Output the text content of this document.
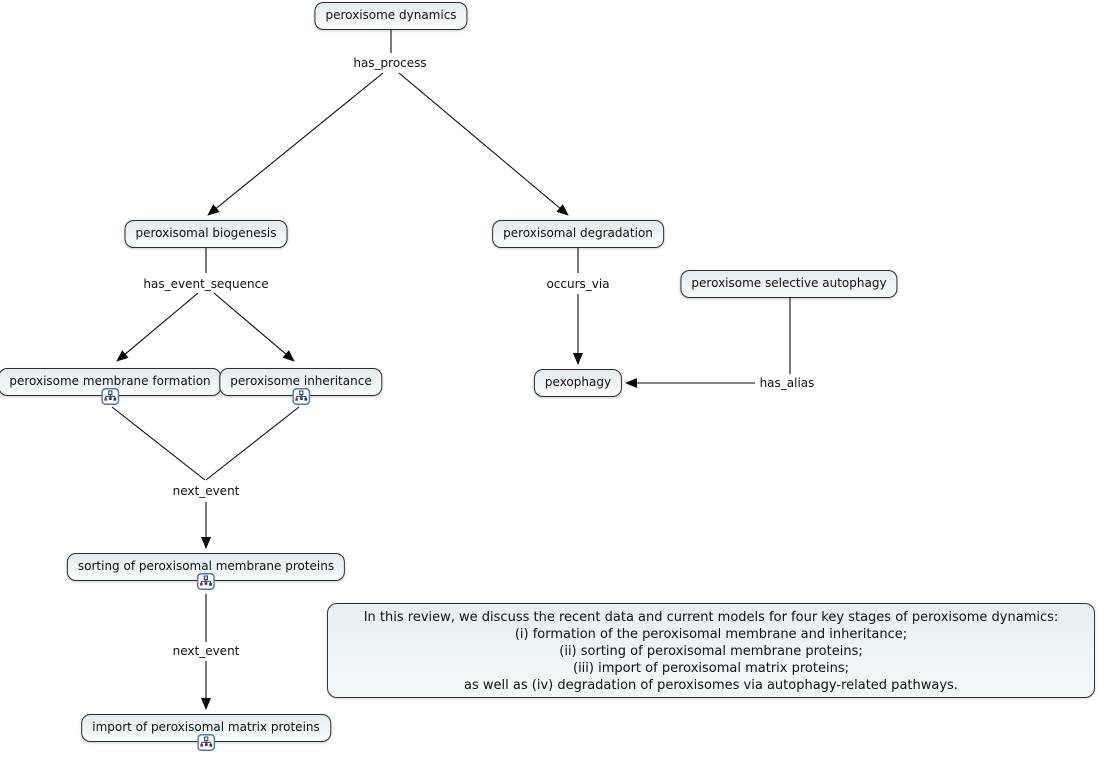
peroxisome dynamics
peroxisomal biogenesis	peroxisomal degradation
peroxisome selective autophagy
peroxisome membrane formation	peroxisome inheritance	pexophagy
sorting of peroxisomal membrane proteins
import of peroxisomal matrix proteins
has_process
has_event_sequence	occurs_via
next_event
next_event
has_alias
In this review, we discuss the recent data and current models for four key stages of peroxisome dynamics:
(i) formation of the peroxisomal membrane and inheritance;
(ii) sorting of peroxisomal membrane proteins;
(iii) import of peroxisomal matrix proteins;
as well as (iv) degradation of peroxisomes via autophagy-related pathways.
